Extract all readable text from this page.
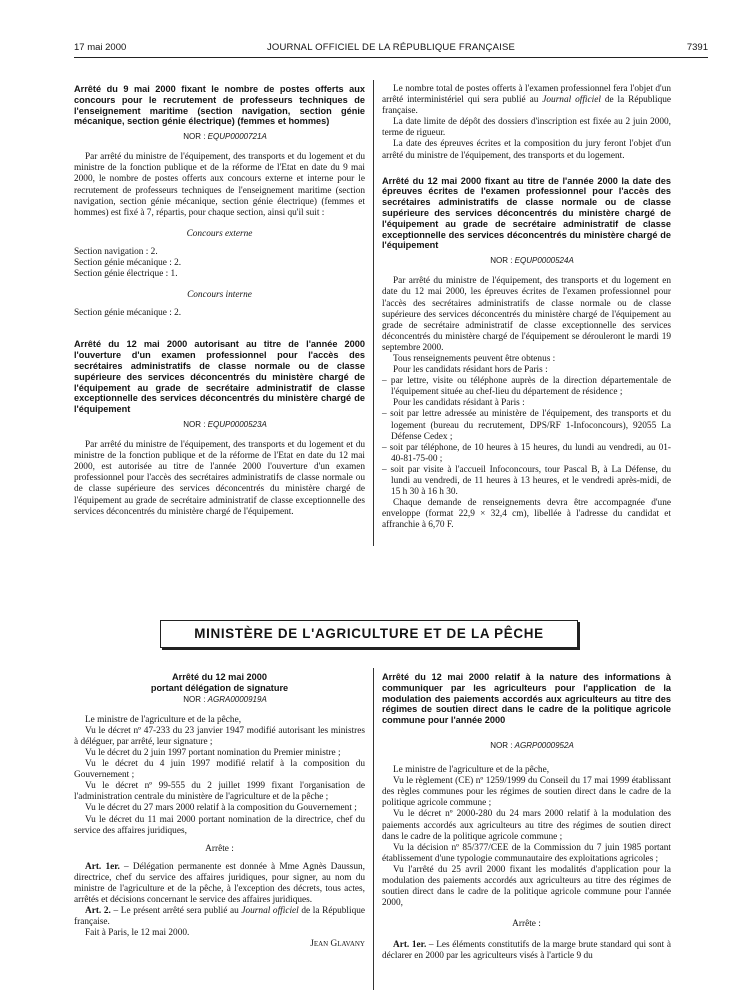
17 mai 2000	JOURNAL OFFICIEL DE LA RÉPUBLIQUE FRANÇAISE	7391

Arrêté du 9 mai 2000 fixant le nombre de postes offerts aux concours pour le recrutement de professeurs techniques de l'enseignement maritime (section navigation, section génie mécanique, section génie électrique) (femmes et hommes)

NOR : EQUP0000721A

Par arrêté du ministre de l'équipement, des transports et du logement et du ministre de la fonction publique et de la réforme de l'Etat en date du 9 mai 2000, le nombre de postes offerts aux concours externe et interne pour le recrutement de professeurs techniques de l'enseignement maritime (section navigation, section génie mécanique, section génie électrique) (femmes et hommes) est fixé à 7, répartis, pour chaque section, ainsi qu'il suit :

Concours externe

Section navigation : 2.

Section génie mécanique : 2.

Section génie électrique : 1.

Concours interne

Section génie mécanique : 2.

Arrêté du 12 mai 2000 autorisant au titre de l'année 2000 l'ouverture d'un examen professionnel pour l'accès des secrétaires administratifs de classe normale ou de classe supérieure des services déconcentrés du ministère chargé de l'équipement au grade de secrétaire administratif de classe exceptionnelle des services déconcentrés du ministère chargé de l'équipement

NOR : EQUP0000523A

Par arrêté du ministre de l'équipement, des transports et du logement et du ministre de la fonction publique et de la réforme de l'Etat en date du 12 mai 2000, est autorisée au titre de l'année 2000 l'ouverture d'un examen professionnel pour l'accès des secrétaires administratifs de classe normale ou de classe supérieure des services déconcentrés du ministère chargé de l'équipement au grade de secrétaire administratif de classe exceptionnelle des services déconcentrés du ministère chargé de l'équipement.

Le nombre total de postes offerts à l'examen professionnel fera l'objet d'un arrêté interministériel qui sera publié au Journal officiel de la République française.

La date limite de dépôt des dossiers d'inscription est fixée au 2 juin 2000, terme de rigueur.

La date des épreuves écrites et la composition du jury feront l'objet d'un arrêté du ministre de l'équipement, des transports et du logement.

Arrêté du 12 mai 2000 fixant au titre de l'année 2000 la date des épreuves écrites de l'examen professionnel pour l'accès des secrétaires administratifs de classe normale ou de classe supérieure des services déconcentrés du ministère chargé de l'équipement au grade de secrétaire administratif de classe exceptionnelle des services déconcentrés du ministère chargé de l'équipement

NOR : EQUP0000524A

Par arrêté du ministre de l'équipement, des transports et du logement en date du 12 mai 2000, les épreuves écrites de l'examen professionnel pour l'accès des secrétaires administratifs de classe normale ou de classe supérieure des services déconcentrés du ministère chargé de l'équipement au grade de secrétaire administratif de classe exceptionnelle des services déconcentrés du ministère chargé de l'équipement se dérouleront le mardi 19 septembre 2000.

Tous renseignements peuvent être obtenus :

Pour les candidats résidant hors de Paris :

– par lettre, visite ou téléphone auprès de la direction départementale de l'équipement située au chef-lieu du département de résidence ;

Pour les candidats résidant à Paris :

– soit par lettre adressée au ministère de l'équipement, des transports et du logement (bureau du recrutement, DPS/RF 1-Infoconcours), 92055 La Défense Cedex ;

– soit par téléphone, de 10 heures à 15 heures, du lundi au vendredi, au 01-40-81-75-00 ;

– soit par visite à l'accueil Infoconcours, tour Pascal B, à La Défense, du lundi au vendredi, de 11 heures à 13 heures, et le vendredi après-midi, de 15 h 30 à 16 h 30.

Chaque demande de renseignements devra être accompagnée d'une enveloppe (format 22,9 × 32,4 cm), libellée à l'adresse du candidat et affranchie à 6,70 F.

MINISTÈRE DE L'AGRICULTURE ET DE LA PÊCHE

Arrêté du 12 mai 2000

portant délégation de signature

NOR : AGRA0000919A

Le ministre de l'agriculture et de la pêche,

Vu le décret nº 47-233 du 23 janvier 1947 modifié autorisant les ministres à déléguer, par arrêté, leur signature ;

Vu le décret du 2 juin 1997 portant nomination du Premier ministre ;

Vu le décret du 4 juin 1997 modifié relatif à la composition du Gouvernement ;

Vu le décret nº 99-555 du 2 juillet 1999 fixant l'organisation de l'administration centrale du ministère de l'agriculture et de la pêche ;

Vu le décret du 27 mars 2000 relatif à la composition du Gouvernement ;

Vu le décret du 11 mai 2000 portant nomination de la directrice, chef du service des affaires juridiques,

Arrête :

Art. 1er. – Délégation permanente est donnée à Mme Agnès Daussun, directrice, chef du service des affaires juridiques, pour signer, au nom du ministre de l'agriculture et de la pêche, à l'exception des décrets, tous actes, arrêtés et décisions concernant le service des affaires juridiques.

Art. 2. – Le présent arrêté sera publié au Journal officiel de la République française.

Fait à Paris, le 12 mai 2000.

Jean Glavany

Arrêté du 12 mai 2000 relatif à la nature des informations à communiquer par les agriculteurs pour l'application de la modulation des paiements accordés aux agriculteurs au titre des régimes de soutien direct dans le cadre de la politique agricole commune pour l'année 2000

NOR : AGRP0000952A

Le ministre de l'agriculture et de la pêche,

Vu le règlement (CE) nº 1259/1999 du Conseil du 17 mai 1999 établissant des règles communes pour les régimes de soutien direct dans le cadre de la politique agricole commune ;

Vu le décret nº 2000-280 du 24 mars 2000 relatif à la modulation des paiements accordés aux agriculteurs au titre des régimes de soutien direct dans le cadre de la politique agricole commune ;

Vu la décision nº 85/377/CEE de la Commission du 7 juin 1985 portant établissement d'une typologie communautaire des exploitations agricoles ;

Vu l'arrêté du 25 avril 2000 fixant les modalités d'application pour la modulation des paiements accordés aux agriculteurs au titre des régimes de soutien direct dans le cadre de la politique agricole commune pour l'année 2000,

Arrête :

Art. 1er. – Les éléments constitutifs de la marge brute standard qui sont à déclarer en 2000 par les agriculteurs visés à l'article 9 du
